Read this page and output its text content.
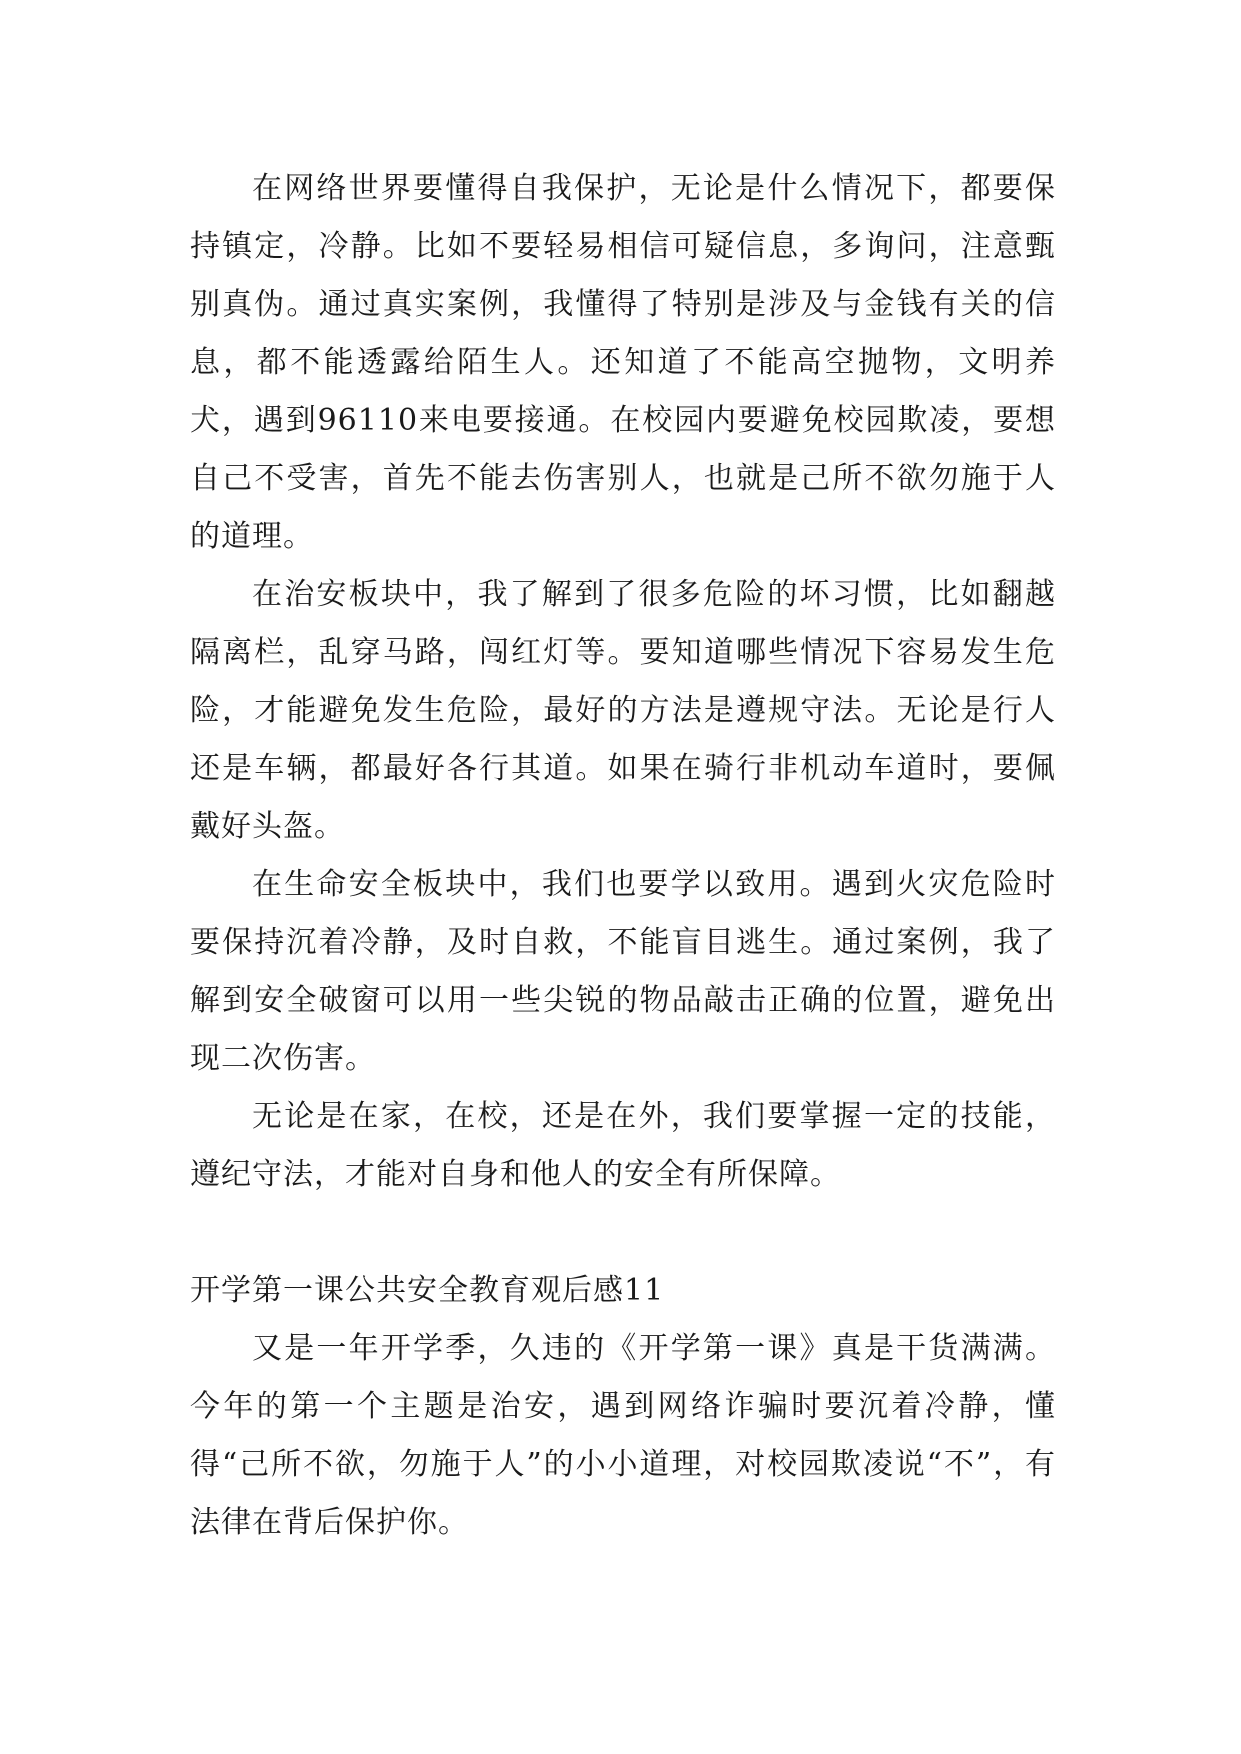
在网络世界要懂得自我保护，无论是什么情况下，都要保持镇定，冷静。比如不要轻易相信可疑信息，多询问，注意甄别真伪。通过真实案例，我懂得了特别是涉及与金钱有关的信息，都不能透露给陌生人。还知道了不能高空抛物，文明养犬，遇到96110来电要接通。在校园内要避免校园欺凌，要想自己不受害，首先不能去伤害别人，也就是己所不欲勿施于人的道理。

在治安板块中，我了解到了很多危险的坏习惯，比如翻越隔离栏，乱穿马路，闯红灯等。要知道哪些情况下容易发生危险，才能避免发生危险，最好的方法是遵规守法。无论是行人还是车辆，都最好各行其道。如果在骑行非机动车道时，要佩戴好头盔。

在生命安全板块中，我们也要学以致用。遇到火灾危险时要保持沉着冷静，及时自救，不能盲目逃生。通过案例，我了解到安全破窗可以用一些尖锐的物品敲击正确的位置，避免出现二次伤害。

无论是在家，在校，还是在外，我们要掌握一定的技能，遵纪守法，才能对自身和他人的安全有所保障。

开学第一课公共安全教育观后感11

又是一年开学季，久违的《开学第一课》真是干货满满。今年的第一个主题是治安，遇到网络诈骗时要沉着冷静，懂得“己所不欲，勿施于人”的小小道理，对校园欺凌说“不”，有法律在背后保护你。
